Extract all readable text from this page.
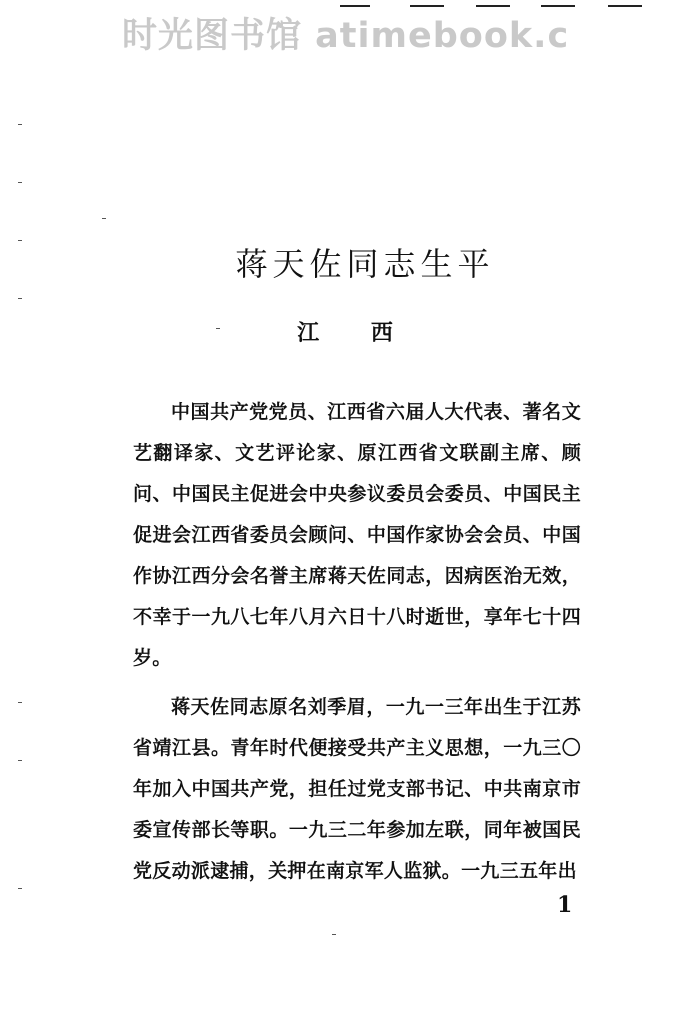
时光图书馆 atimebook.c
蒋天佐同志生平
江 西

中国共产党党员、江西省六届人大代表、著名文艺翻译家、文艺评论家、原江西省文联副主席、顾问、中国民主促进会中央参议委员会委员、中国民主促进会江西省委员会顾问、中国作家协会会员、中国作协江西分会名誉主席蒋天佐同志，因病医治无效，不幸于一九八七年八月六日十八时逝世，享年七十四岁。

蒋天佐同志原名刘季眉，一九一三年出生于江苏省靖江县。青年时代便接受共产主义思想，一九三〇年加入中国共产党，担任过党支部书记、中共南京市委宣传部长等职。一九三二年参加左联，同年被国民党反动派逮捕，关押在南京军人监狱。一九三五年出

1
